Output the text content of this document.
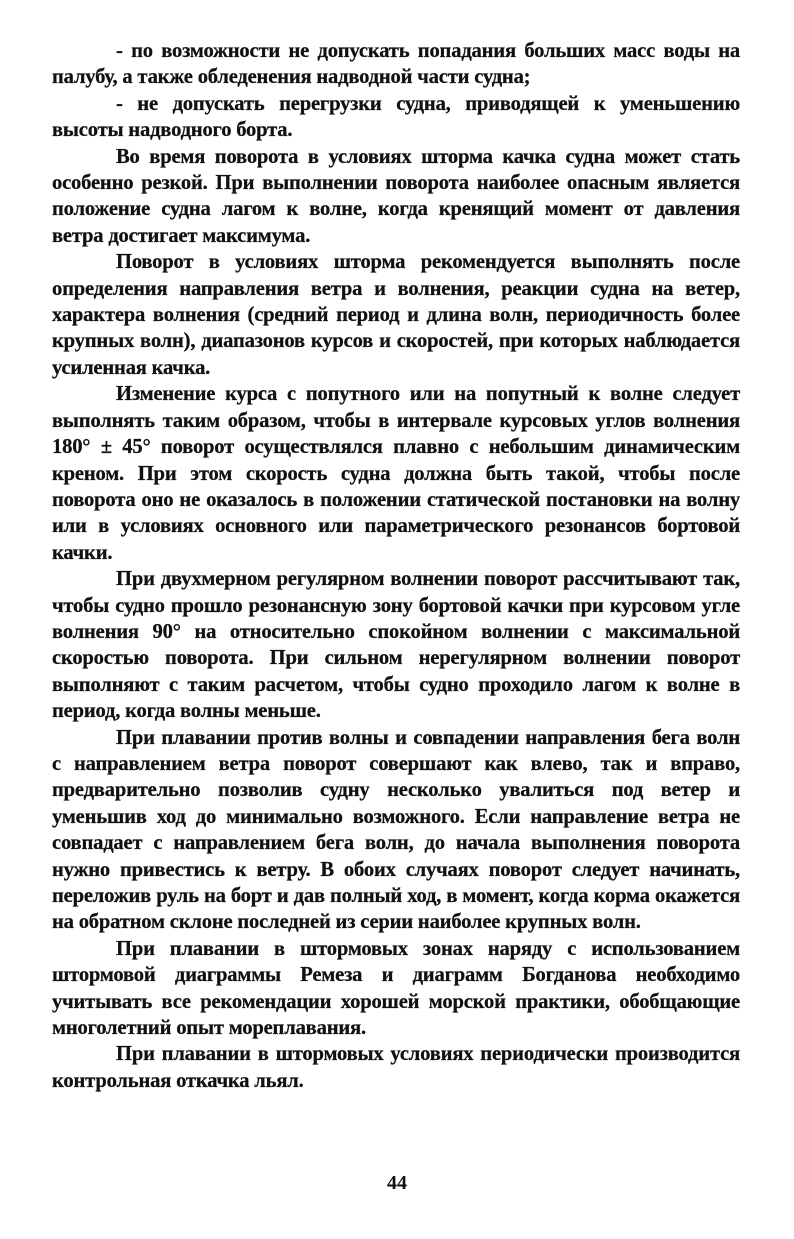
- по возможности не допускать попадания больших масс воды на палубу, а также обледенения надводной части судна;

- не допускать перегрузки судна, приводящей к уменьшению высоты надводного борта.

Во время поворота в условиях шторма качка судна может стать особенно резкой. При выполнении поворота наиболее опасным является положение судна лагом к волне, когда кренящий момент от давления ветра достигает максимума.

Поворот в условиях шторма рекомендуется выполнять после определения направления ветра и волнения, реакции судна на ветер, характера волнения (средний период и длина волн, периодичность более крупных волн), диапазонов курсов и скоростей, при которых наблюдается усиленная качка.

Изменение курса с попутного или на попутный к волне следует выполнять таким образом, чтобы в интервале курсовых углов волнения 180° ± 45° поворот осуществлялся плавно с небольшим динамическим креном. При этом скорость судна должна быть такой, чтобы после поворота оно не оказалось в положении статической постановки на волну или в условиях основного или параметрического резонансов бортовой качки.

При двухмерном регулярном волнении поворот рассчитывают так, чтобы судно прошло резонансную зону бортовой качки при курсовом угле волнения 90° на относительно спокойном волнении с максимальной скоростью поворота. При сильном нерегулярном волнении поворот выполняют с таким расчетом, чтобы судно проходило лагом к волне в период, когда волны меньше.

При плавании против волны и совпадении направления бега волн с направлением ветра поворот совершают как влево, так и вправо, предварительно позволив судну несколько увалиться под ветер и уменьшив ход до минимально возможного. Если направление ветра не совпадает с направлением бега волн, до начала выполнения поворота нужно привестись к ветру. В обоих случаях поворот следует начинать, переложив руль на борт и дав полный ход, в момент, когда корма окажется на обратном склоне последней из серии наиболее крупных волн.

При плавании в штормовых зонах наряду с использованием штормовой диаграммы Ремеза и диаграмм Богданова необходимо учитывать все рекомендации хорошей морской практики, обобщающие многолетний опыт мореплавания.

При плавании в штормовых условиях периодически производится контрольная откачка льял.

44
